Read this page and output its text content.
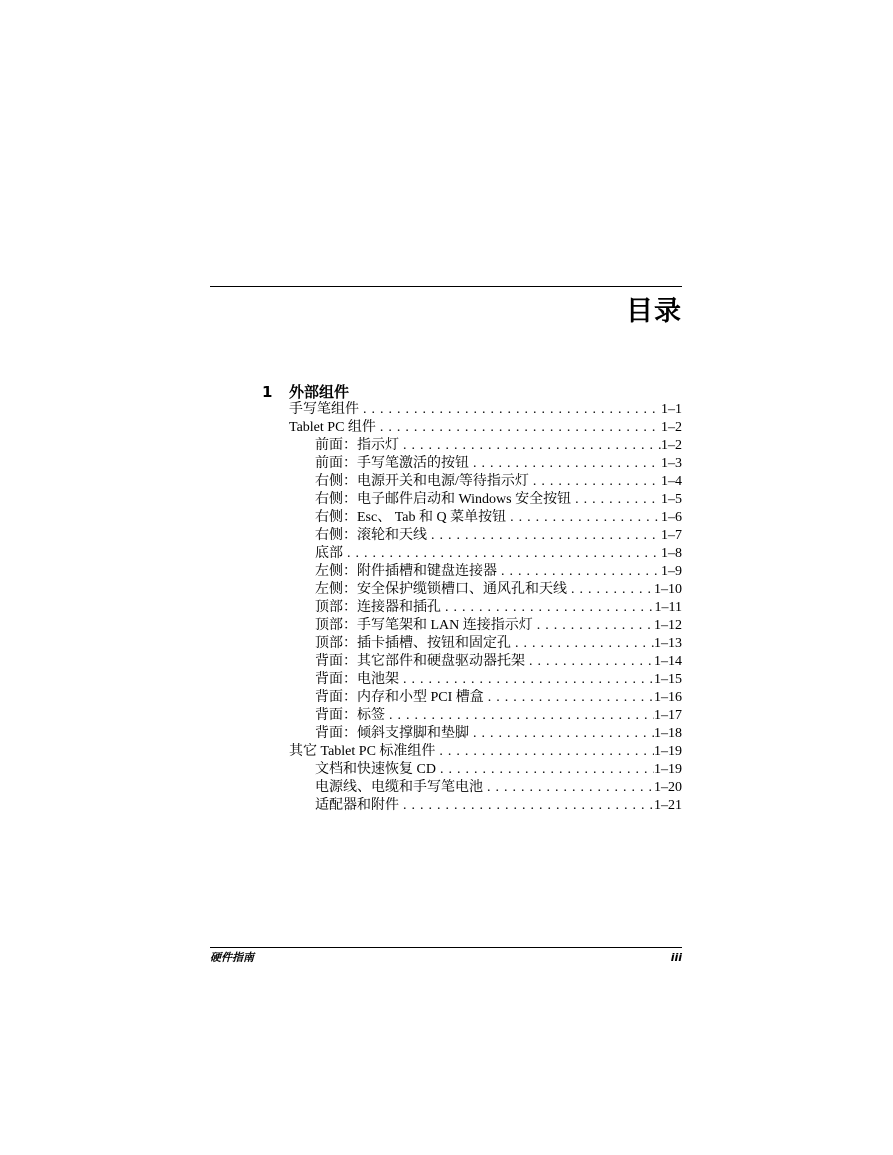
目录
1 外部组件
手写笔组件 . . .	1–1
Tablet PC 组件 . . .	1–2
前面：指示灯 . . .	1–2
前面：手写笔激活的按钮 . . .	1–3
右侧：电源开关和电源/等待指示灯 . . .	1–4
右侧：电子邮件启动和 Windows 安全按钮 . . .	1–5
右侧：Esc、 Tab 和 Q 菜单按钮 . . .	1–6
右侧：滚轮和天线 . . .	1–7
底部 . . .	1–8
左侧：附件插槽和键盘连接器 . . .	1–9
左侧：安全保护缆锁槽口、通风孔和天线 . . .	1–10
顶部：连接器和插孔 . . .	1–11
顶部：手写笔架和 LAN 连接指示灯 . . .	1–12
顶部：插卡插槽、按钮和固定孔 . . .	1–13
背面：其它部件和硬盘驱动器托架 . . .	1–14
背面：电池架 . . .	1–15
背面：内存和小型 PCI 槽盒 . . .	1–16
背面：标签 . . .	1–17
背面：倾斜支撑脚和垫脚 . . .	1–18
其它 Tablet PC 标准组件 . . .	1–19
文档和快速恢复 CD . . .	1–19
电源线、电缆和手写笔电池 . . .	1–20
适配器和附件 . . .	1–21
硬件指南	iii
